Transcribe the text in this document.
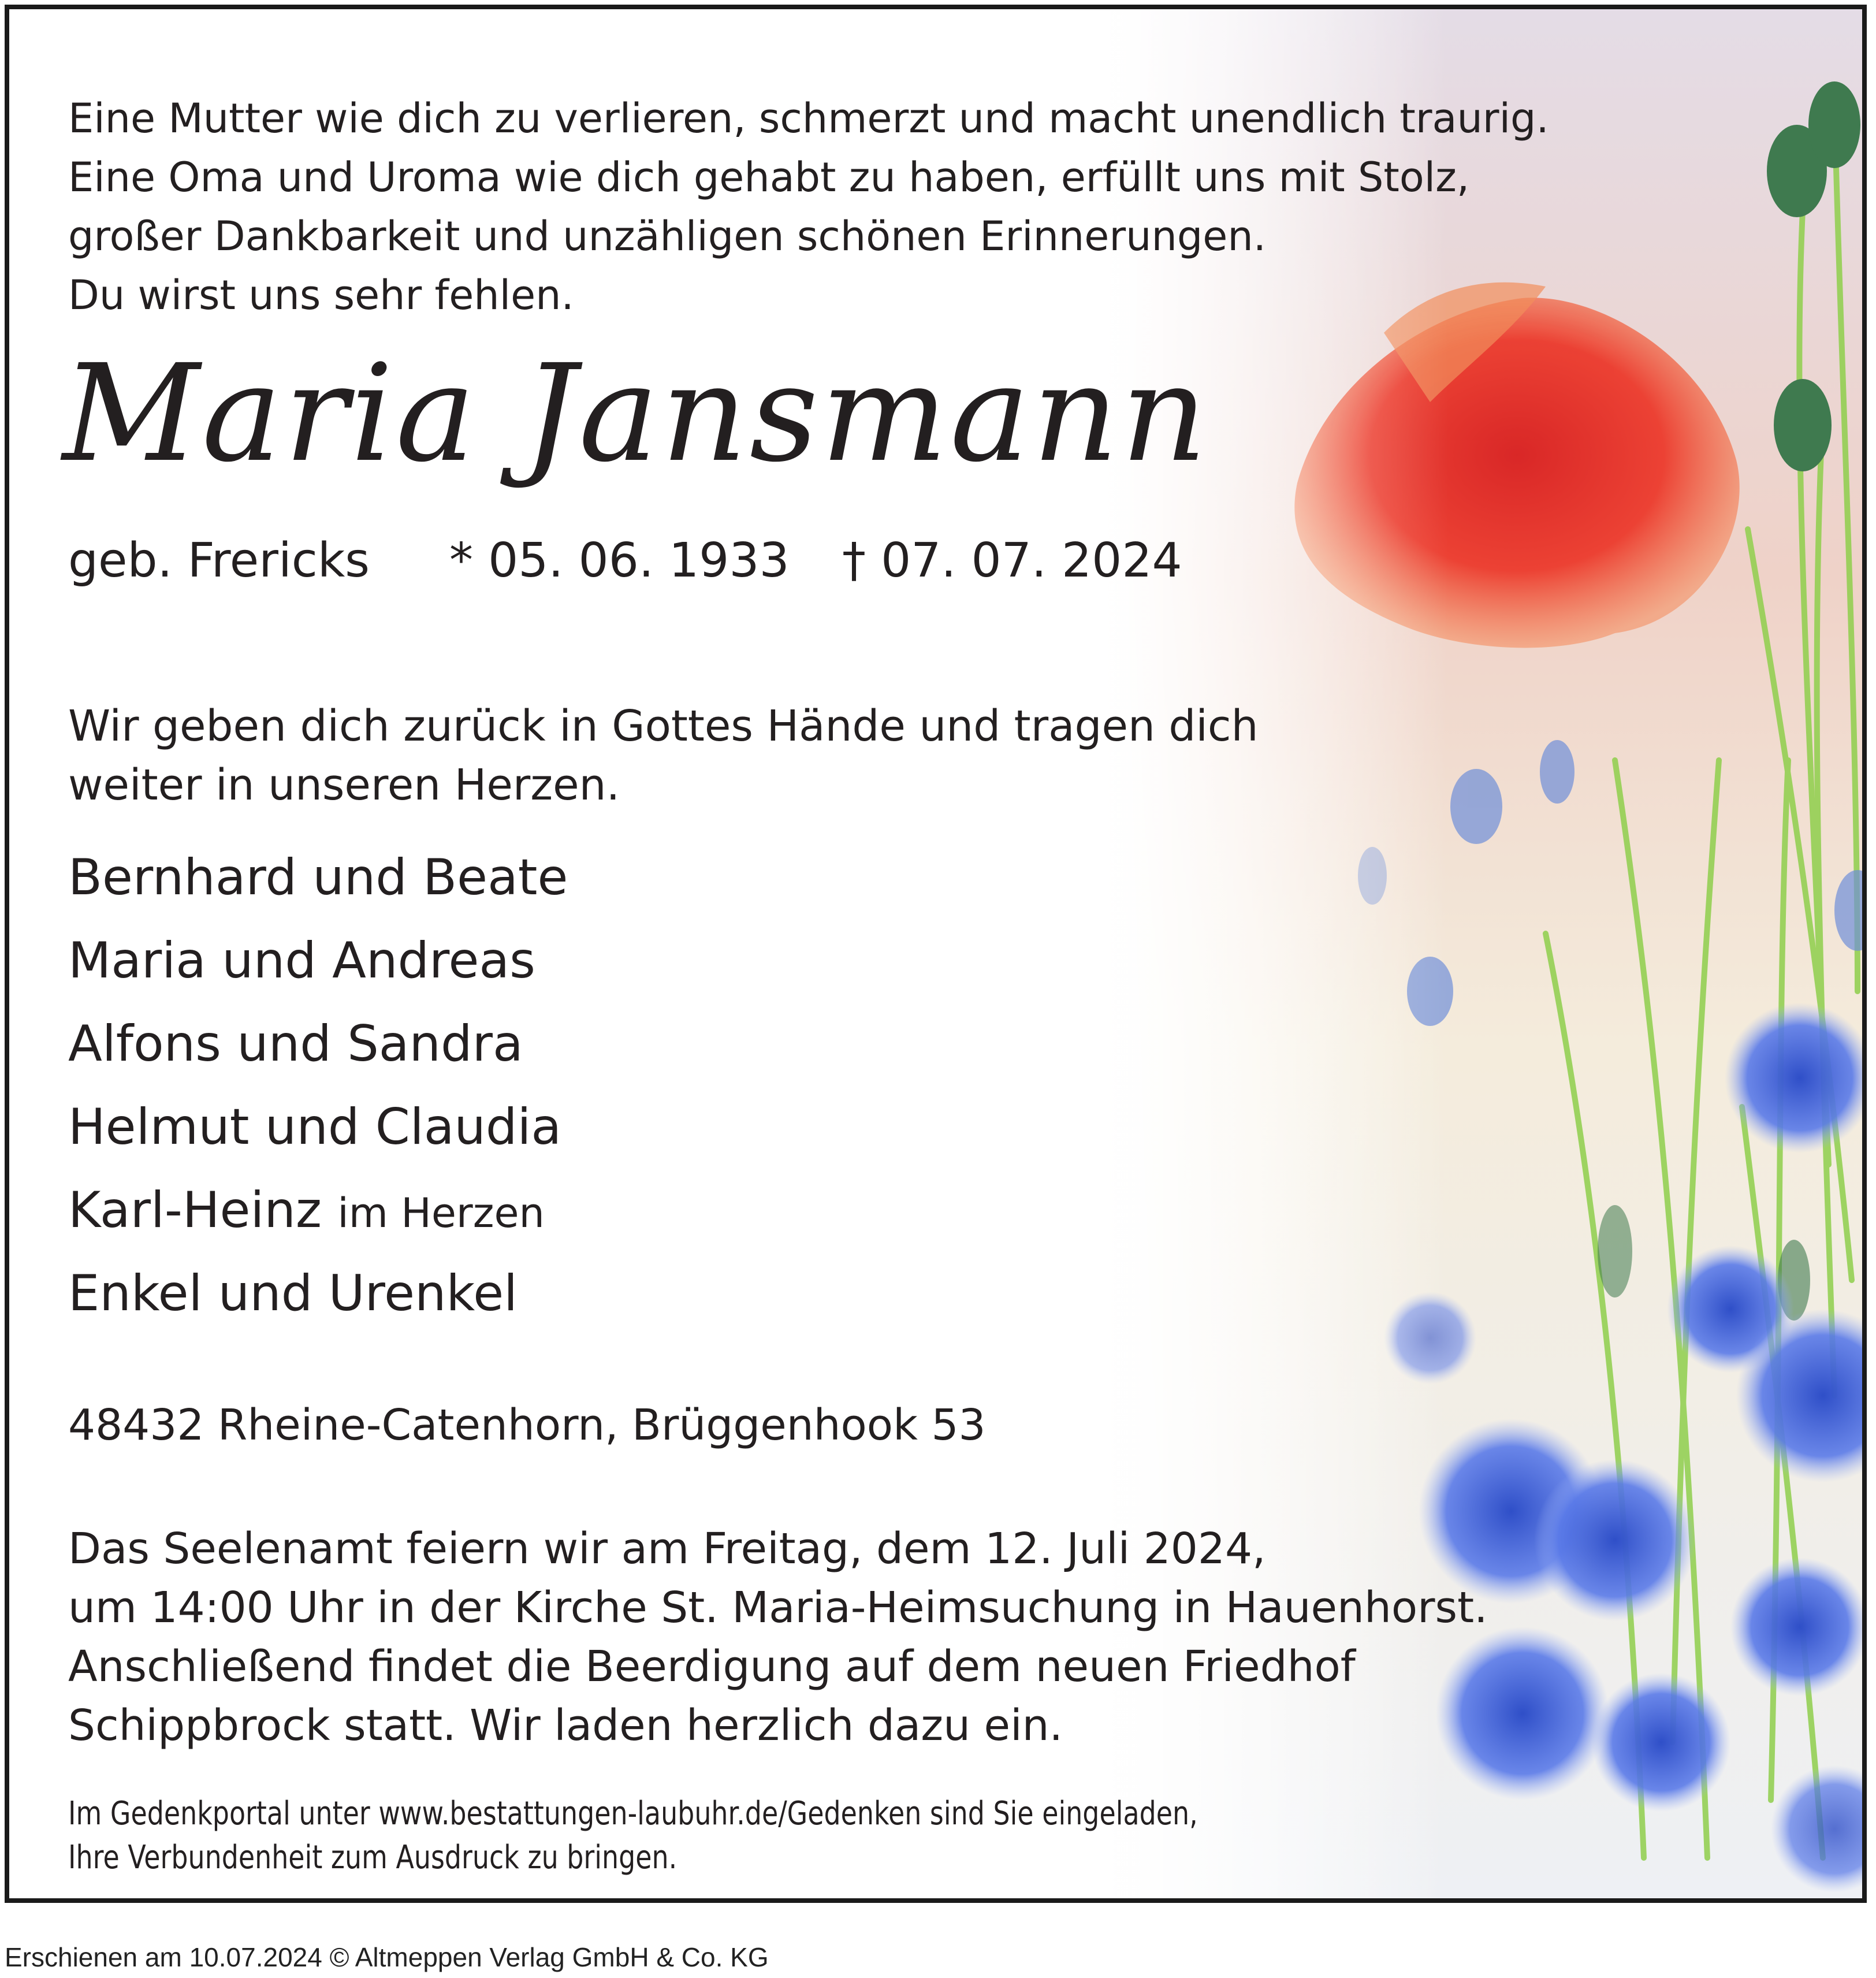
Eine Mutter wie dich zu verlieren, schmerzt und macht unendlich traurig.
Eine Oma und Uroma wie dich gehabt zu haben, erfüllt uns mit Stolz,
großer Dankbarkeit und unzähligen schönen Erinnerungen.
Du wirst uns sehr fehlen.
Maria Jansmann
geb. Frericks * 05. 06. 1933 † 07. 07. 2024
Wir geben dich zurück in Gottes Hände und tragen dich
weiter in unseren Herzen.
Bernhard und Beate
Maria und Andreas
Alfons und Sandra
Helmut und Claudia
Karl-Heinz im Herzen
Enkel und Urenkel
48432 Rheine-Catenhorn, Brüggenhook 53
Das Seelenamt feiern wir am Freitag, dem 12. Juli 2024,
um 14:00 Uhr in der Kirche St. Maria-Heimsuchung in Hauenhorst.
Anschließend findet die Beerdigung auf dem neuen Friedhof
Schippbrock statt. Wir laden herzlich dazu ein.
Im Gedenkportal unter www.bestattungen-laubuhr.de/Gedenken sind Sie eingeladen,
Ihre Verbundenheit zum Ausdruck zu bringen.
Erschienen am 10.07.2024 © Altmeppen Verlag GmbH & Co. KG
